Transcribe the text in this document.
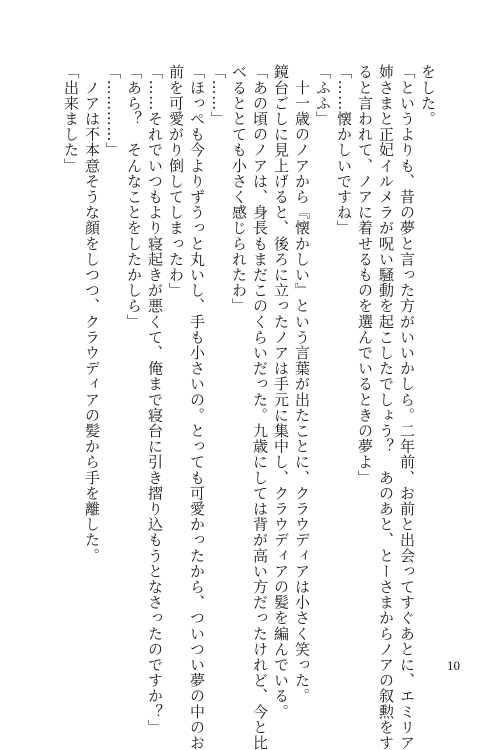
をした。
「というよりも、昔の夢と言った方がいいかしら。二年前、お前と出会ってすぐあとに、エミリア
姉さまと正妃イルメラが呪い騒動を起こしたでしょう？　あのあと、とーさまからノアの叙勲をす
ると言われて、ノアに着せるものを選んでいるときの夢よ」
「……懐かしいですね」
「ふふ」
　十一歳のノアから『懐かしい』という言葉が出たことに、クラウディアは小さく笑った。
鏡台ごしに見上げると、後ろに立ったノアは手元に集中し、クラウディアの髪を編んでいる。
「あの頃のノアは、身長もまだこのくらいだった。九歳にしては背が高い方だったけれど、今と比
べるととても小さく感じられたわ」
「……」
「ほっぺも今よりずうっと丸いし、手も小さいの。とっても可愛かったから、ついつい夢の中のお
前を可愛がり倒してしまったわ」
「……それでいつもより寝起きが悪くて、俺まで寝台に引き摺り込もうとなさったのですか？」
「あら？　そんなことをしたかしら」
「…………」
　ノアは不本意そうな顔をしつつ、クラウディアの髪から手を離した。
「出来ました」
10
